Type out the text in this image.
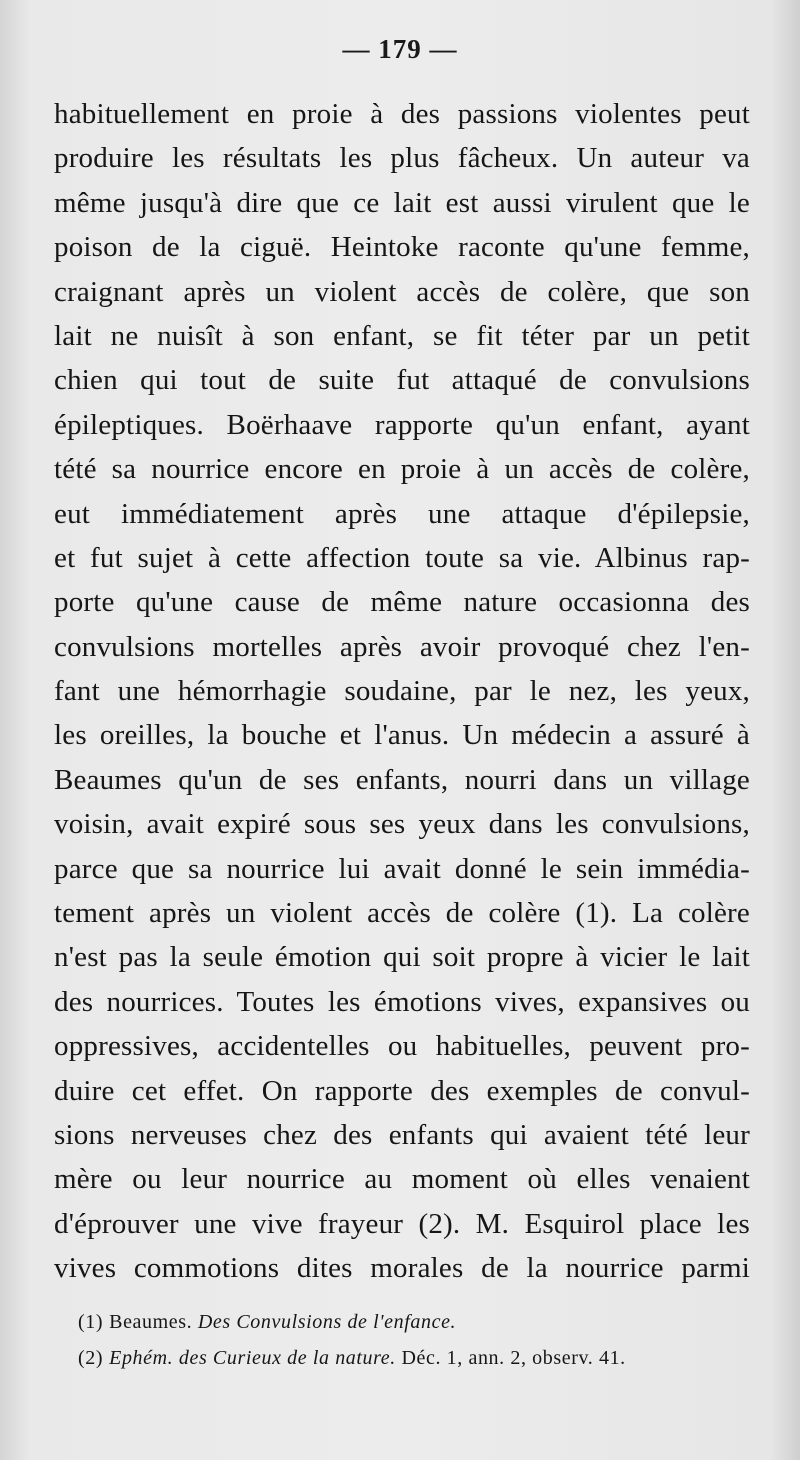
— 179 —
habituellement en proie à des passions violentes peut
produire les résultats les plus fâcheux. Un auteur va
même jusqu'à dire que ce lait est aussi virulent que le
poison de la ciguë. Heintoke raconte qu'une femme,
craignant après un violent accès de colère, que son
lait ne nuisît à son enfant, se fit téter par un petit
chien qui tout de suite fut attaqué de convulsions
épileptiques. Boërhaave rapporte qu'un enfant, ayant
tété sa nourrice encore en proie à un accès de colère,
eut immédiatement après une attaque d'épilepsie,
et fut sujet à cette affection toute sa vie. Albinus rap-
porte qu'une cause de même nature occasionna des
convulsions mortelles après avoir provoqué chez l'en-
fant une hémorrhagie soudaine, par le nez, les yeux,
les oreilles, la bouche et l'anus. Un médecin a assuré à
Beaumes qu'un de ses enfants, nourri dans un village
voisin, avait expiré sous ses yeux dans les convulsions,
parce que sa nourrice lui avait donné le sein immédia-
tement après un violent accès de colère (1). La colère
n'est pas la seule émotion qui soit propre à vicier le lait
des nourrices. Toutes les émotions vives, expansives ou
oppressives, accidentelles ou habituelles, peuvent pro-
duire cet effet. On rapporte des exemples de convul-
sions nerveuses chez des enfants qui avaient tété leur
mère ou leur nourrice au moment où elles venaient
d'éprouver une vive frayeur (2). M. Esquirol place les
vives commotions dites morales de la nourrice parmi
(1) Beaumes. Des Convulsions de l'enfance.
(2) Ephém. des Curieux de la nature. Déc. 1, ann. 2, observ. 41.
